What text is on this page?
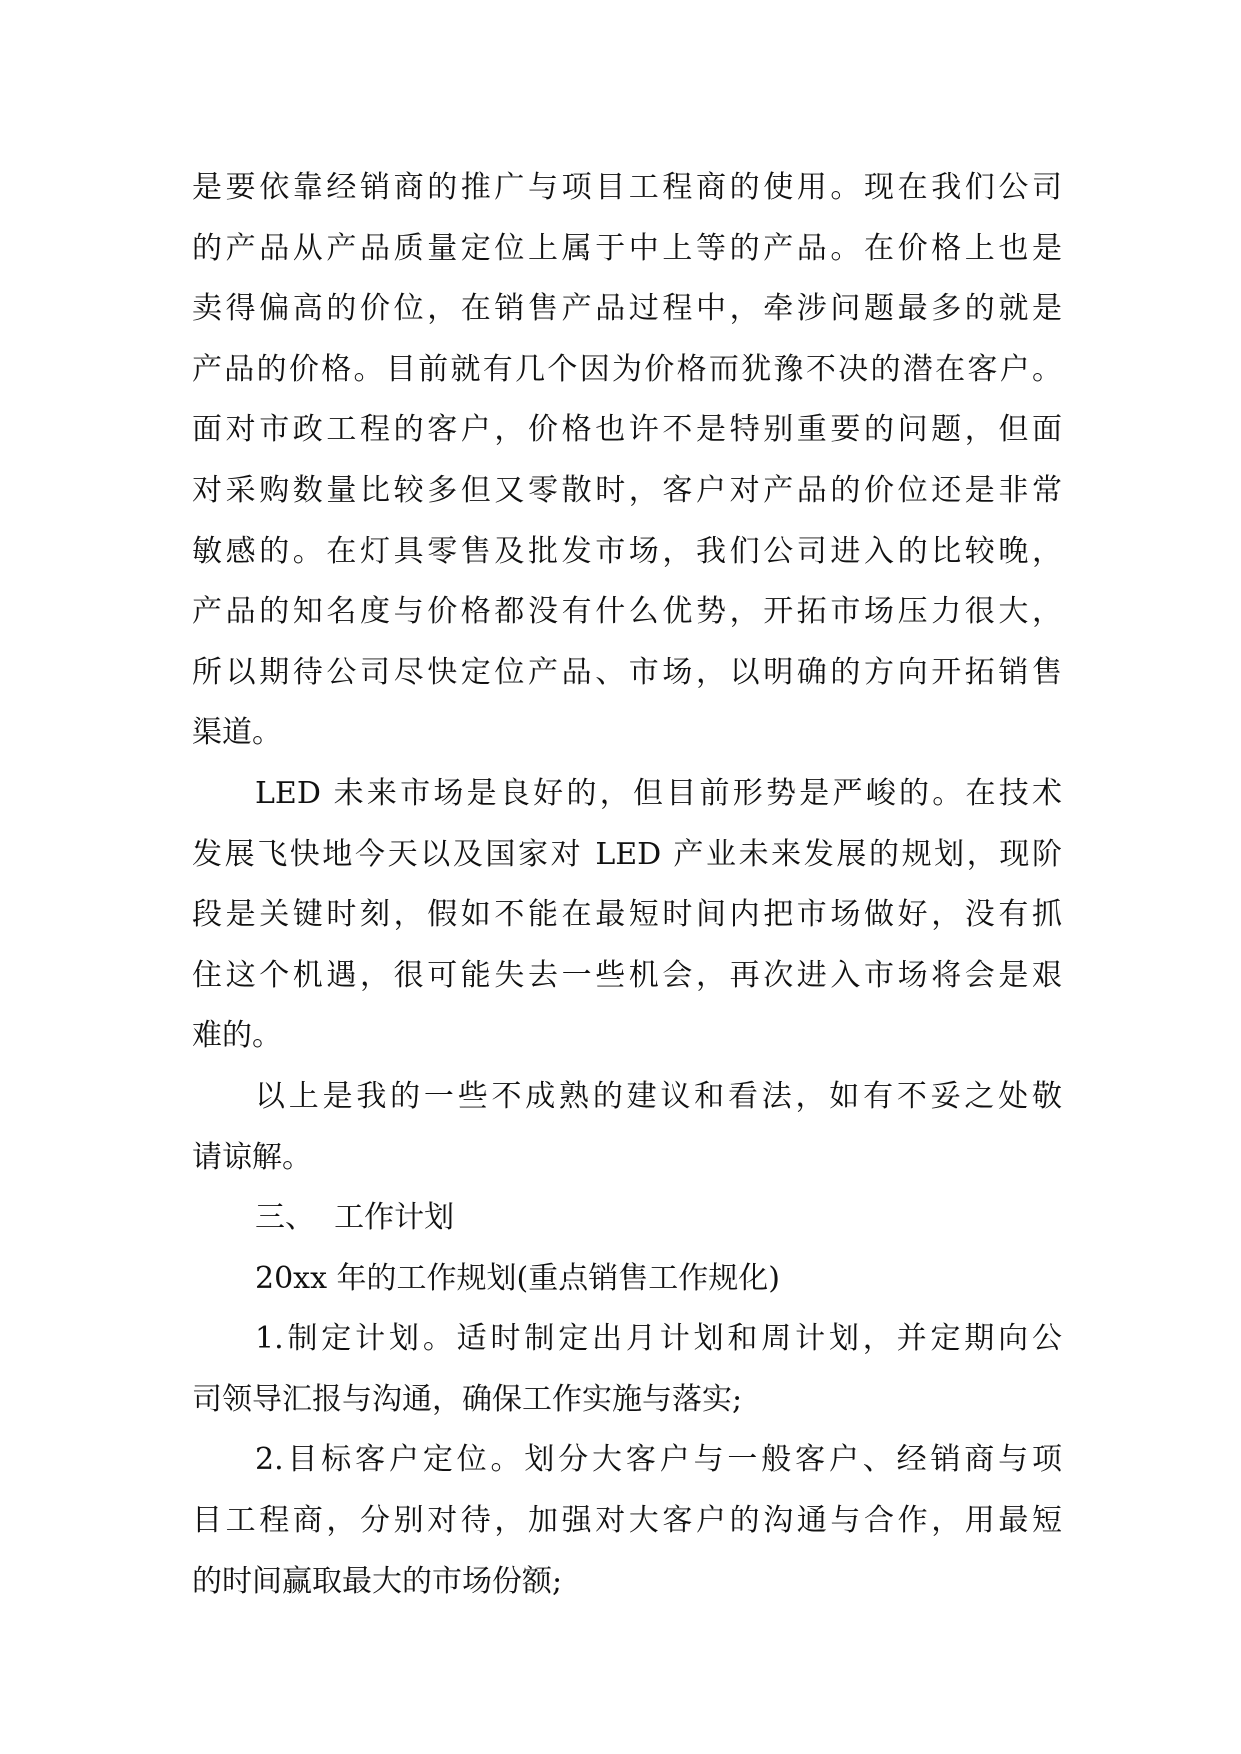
是要依靠经销商的推广与项目工程商的使用。现在我们公司
的产品从产品质量定位上属于中上等的产品。在价格上也是
卖得偏高的价位，在销售产品过程中，牵涉问题最多的就是
产品的价格。目前就有几个因为价格而犹豫不决的潜在客户。
面对市政工程的客户，价格也许不是特别重要的问题，但面
对采购数量比较多但又零散时，客户对产品的价位还是非常
敏感的。在灯具零售及批发市场，我们公司进入的比较晚，
产品的知名度与价格都没有什么优势，开拓市场压力很大，
所以期待公司尽快定位产品、市场，以明确的方向开拓销售
渠道。
LED 未来市场是良好的，但目前形势是严峻的。在技术
发展飞快地今天以及国家对 LED 产业未来发展的规划，现阶
段是关键时刻，假如不能在最短时间内把市场做好，没有抓
住这个机遇，很可能失去一些机会，再次进入市场将会是艰
难的。
以上是我的一些不成熟的建议和看法，如有不妥之处敬
请谅解。
三、  工作计划
20xx 年的工作规划(重点销售工作规化)
1.制定计划。适时制定出月计划和周计划，并定期向公
司领导汇报与沟通，确保工作实施与落实;
2.目标客户定位。划分大客户与一般客户、经销商与项
目工程商，分别对待，加强对大客户的沟通与合作，用最短
的时间赢取最大的市场份额;
